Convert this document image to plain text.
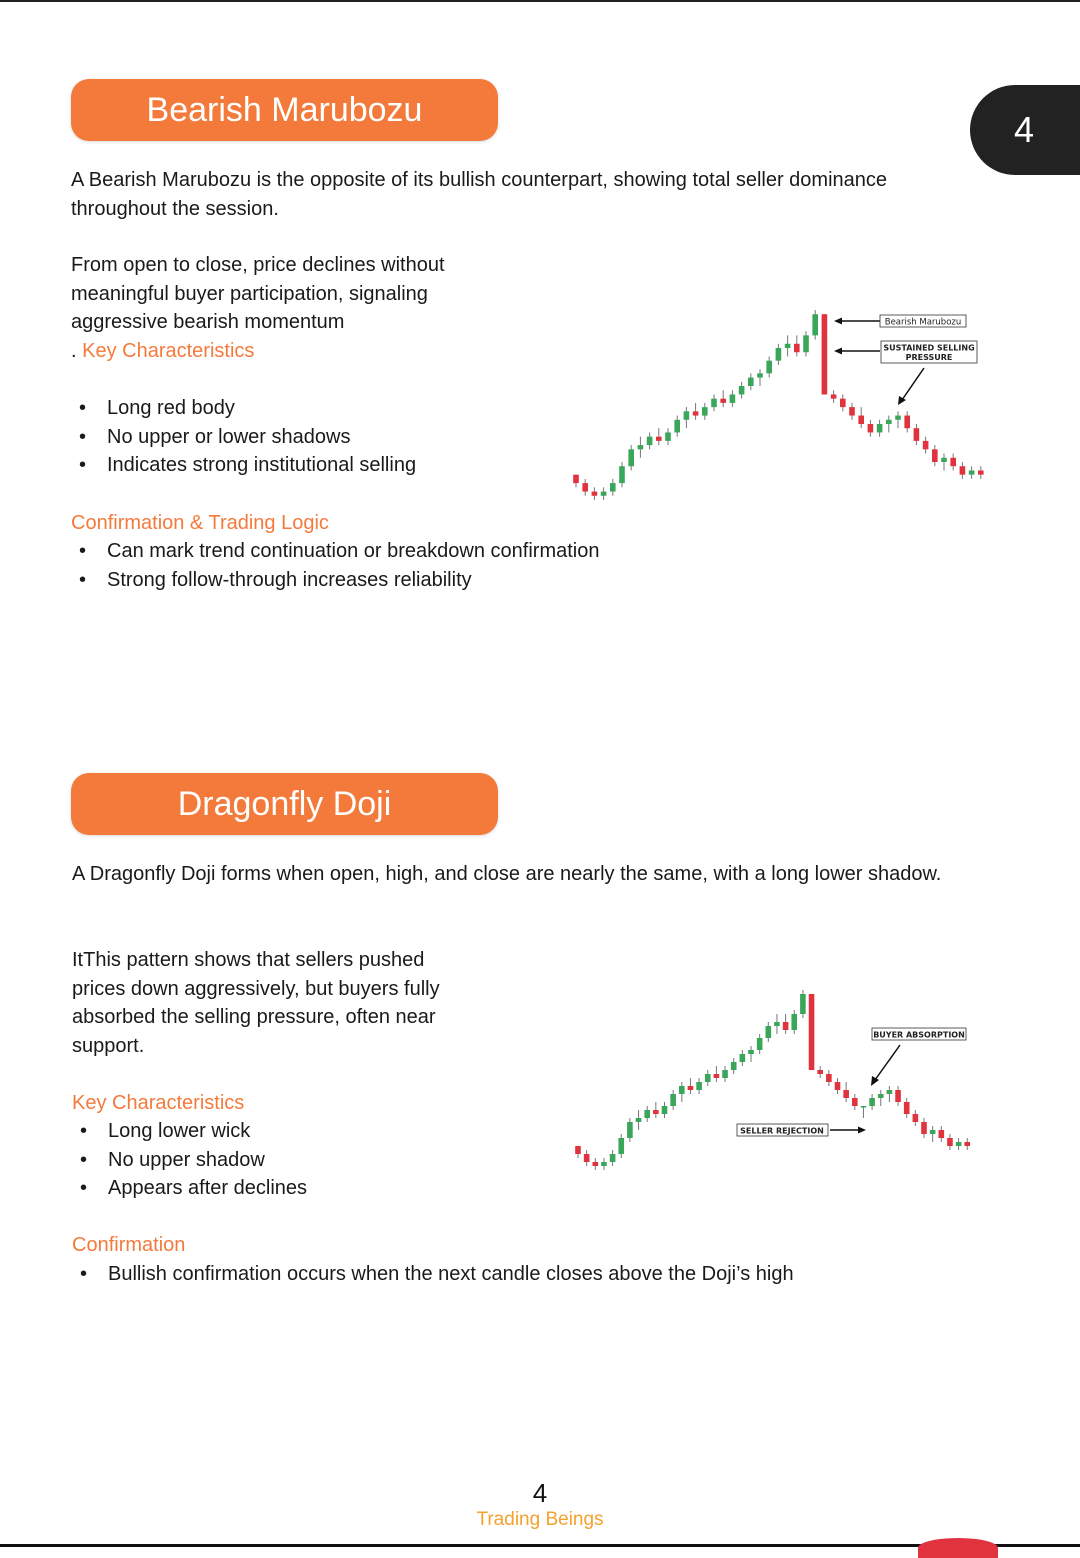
Bearish Marubozu	4

A Bearish Marubozu is the opposite of its bullish counterpart, showing total seller dominance throughout the session.

From open to close, price declines without meaningful buyer participation, signaling aggressive bearish momentum

. Key Characteristics

• Long red body
• No upper or lower shadows
• Indicates strong institutional selling

Confirmation & Trading Logic

• Can mark trend continuation or breakdown confirmation
• Strong follow-through increases reliability
Bearish Marubozu
SUSTAINED SELLING
PRESSURE
Dragonfly Doji

A Dragonfly Doji forms when open, high, and close are nearly the same, with a long lower shadow.

ItThis pattern shows that sellers pushed prices down aggressively, but buyers fully absorbed the selling pressure, often near support.

Key Characteristics

• Long lower wick
• No upper shadow
• Appears after declines

Confirmation

• Bullish confirmation occurs when the next candle closes above the Doji’s high
BUYER ABSORPTION
SELLER REJECTION
4
Trading Beings
